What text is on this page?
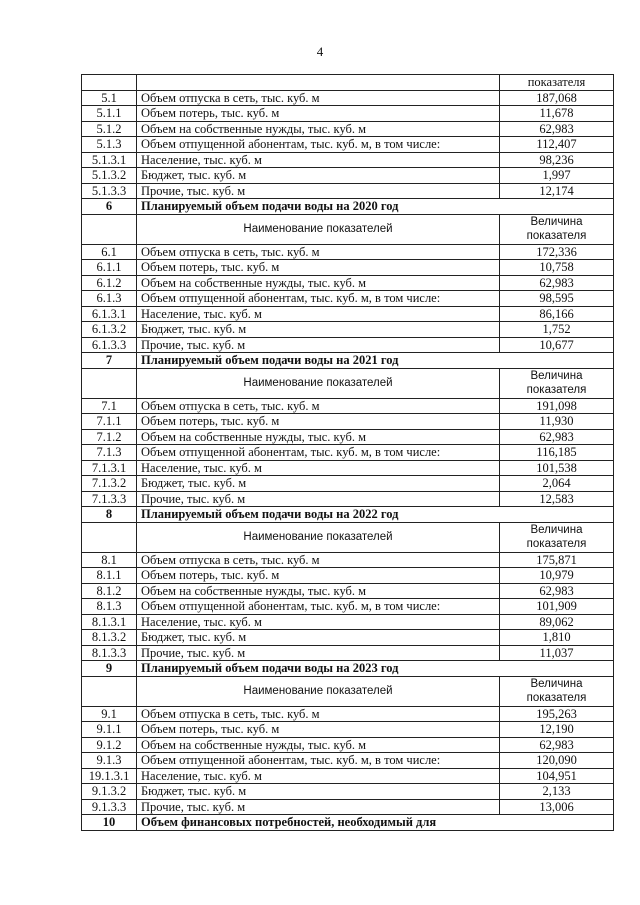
4
		показателя
5.1	Объем отпуска в сеть, тыс. куб. м	187,068
5.1.1	Объем потерь, тыс. куб. м	11,678
5.1.2	Объем на собственные нужды, тыс. куб. м	62,983
5.1.3	Объем отпущенной абонентам, тыс. куб. м, в том числе:	112,407
5.1.3.1	Население, тыс. куб. м	98,236
5.1.3.2	Бюджет, тыс. куб. м	1,997
5.1.3.3	Прочие, тыс. куб. м	12,174
6	Планируемый объем подачи воды на 2020 год	
	Наименование показателей	Величина
показателя

6.1	Объем отпуска в сеть, тыс. куб. м	172,336
6.1.1	Объем потерь, тыс. куб. м	10,758
6.1.2	Объем на собственные нужды, тыс. куб. м	62,983
6.1.3	Объем отпущенной абонентам, тыс. куб. м, в том числе:	98,595
6.1.3.1	Население, тыс. куб. м	86,166
6.1.3.2	Бюджет, тыс. куб. м	1,752
6.1.3.3	Прочие, тыс. куб. м	10,677
7	Планируемый объем подачи воды на 2021 год	
	Наименование показателей	Величина
показателя

7.1	Объем отпуска в сеть, тыс. куб. м	191,098
7.1.1	Объем потерь, тыс. куб. м	11,930
7.1.2	Объем на собственные нужды, тыс. куб. м	62,983
7.1.3	Объем отпущенной абонентам, тыс. куб. м, в том числе:	116,185
7.1.3.1	Население, тыс. куб. м	101,538
7.1.3.2	Бюджет, тыс. куб. м	2,064
7.1.3.3	Прочие, тыс. куб. м	12,583
8	Планируемый объем подачи воды на 2022 год	
	Наименование показателей	Величина
показателя

8.1	Объем отпуска в сеть, тыс. куб. м	175,871
8.1.1	Объем потерь, тыс. куб. м	10,979
8.1.2	Объем на собственные нужды, тыс. куб. м	62,983
8.1.3	Объем отпущенной абонентам, тыс. куб. м, в том числе:	101,909
8.1.3.1	Население, тыс. куб. м	89,062
8.1.3.2	Бюджет, тыс. куб. м	1,810
8.1.3.3	Прочие, тыс. куб. м	11,037
9	Планируемый объем подачи воды на 2023 год	
	Наименование показателей	Величина
показателя

9.1	Объем отпуска в сеть, тыс. куб. м	195,263
9.1.1	Объем потерь, тыс. куб. м	12,190
9.1.2	Объем на собственные нужды, тыс. куб. м	62,983
9.1.3	Объем отпущенной абонентам, тыс. куб. м, в том числе:	120,090
19.1.3.1	Население, тыс. куб. м	104,951
9.1.3.2	Бюджет, тыс. куб. м	2,133
9.1.3.3	Прочие, тыс. куб. м	13,006
10	Объем финансовых потребностей, необходимый для	
